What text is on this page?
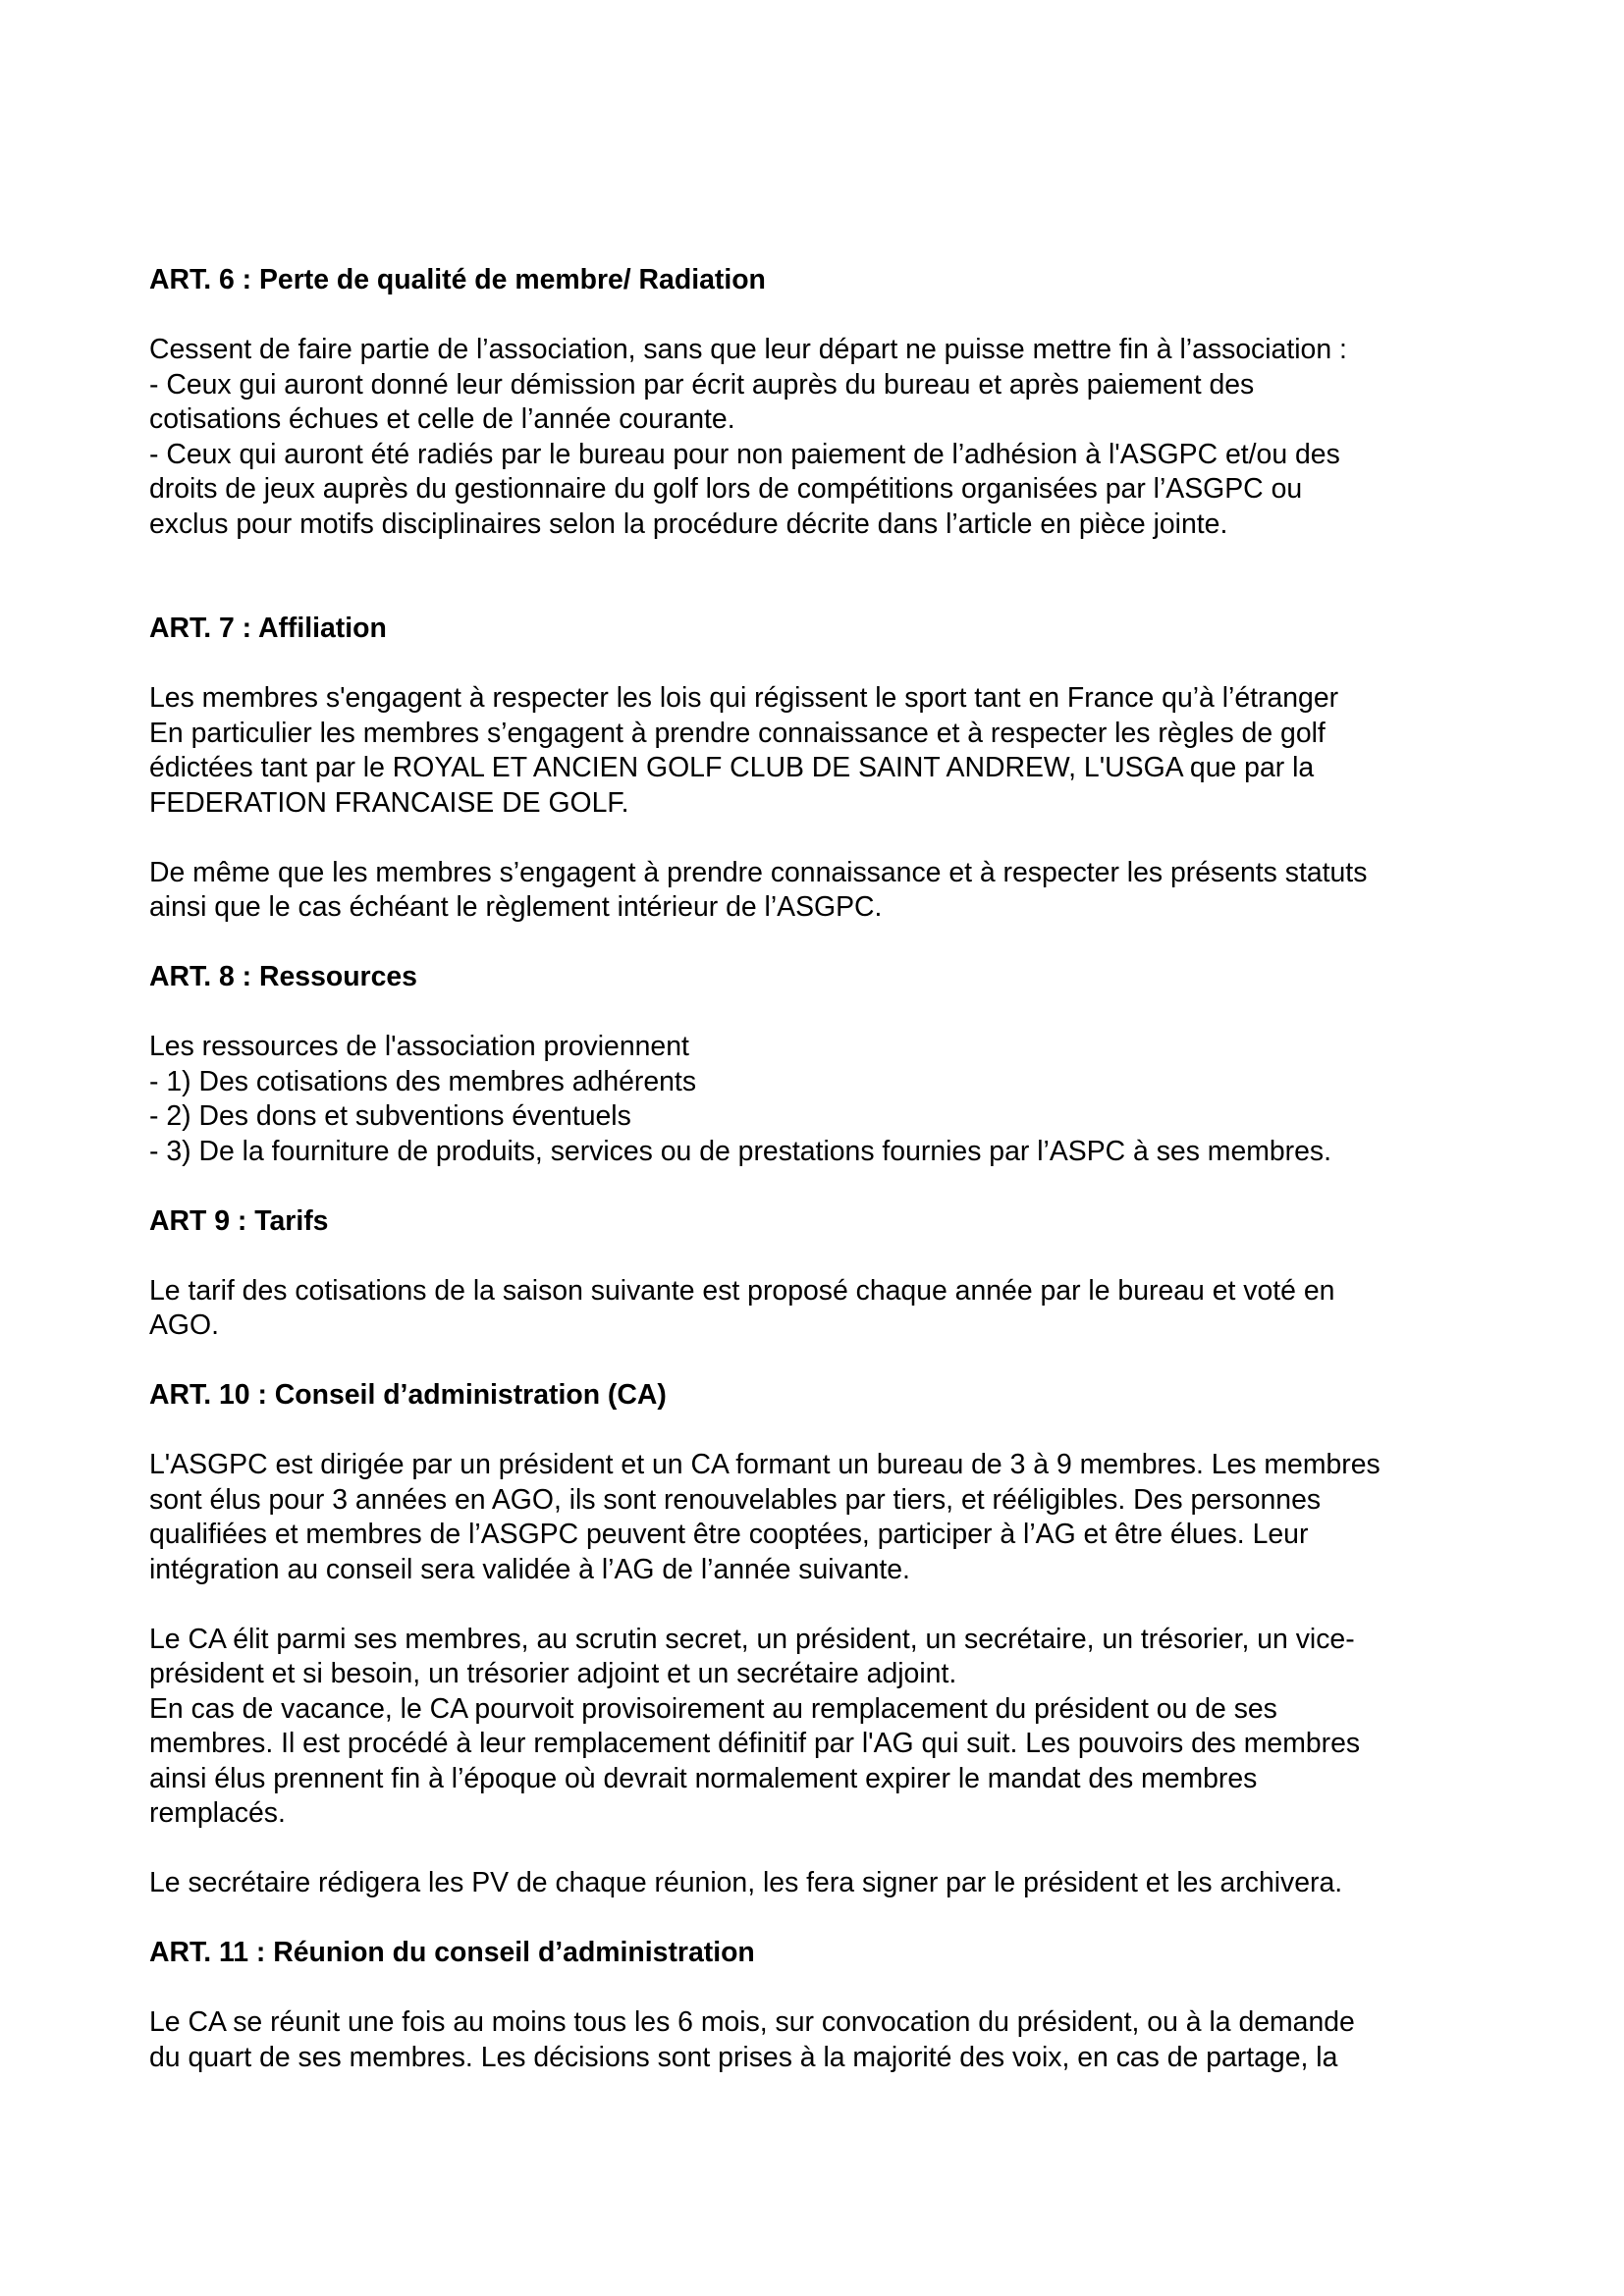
ART. 6 : Perte de qualité de membre/ Radiation

Cessent de faire partie de l’association, sans que leur départ ne puisse mettre fin à l’association :

- Ceux gui auront donné leur démission par écrit auprès du bureau et après paiement des

cotisations échues et celle de l’année courante.

- Ceux qui auront été radiés par le bureau pour non paiement de l’adhésion à l'ASGPC et/ou des

droits de jeux auprès du gestionnaire du golf lors de compétitions organisées par l’ASGPC ou

exclus pour motifs disciplinaires selon la procédure décrite dans l’article en pièce jointe.

ART. 7 : Affiliation

Les membres s'engagent à respecter les lois qui régissent le sport tant en France qu’à l’étranger

En particulier les membres s’engagent à prendre connaissance et à respecter les règles de golf

édictées tant par le ROYAL ET ANCIEN GOLF CLUB DE SAINT ANDREW, L'USGA que par la

FEDERATION FRANCAISE DE GOLF.

De même que les membres s’engagent à prendre connaissance et à respecter les présents statuts

ainsi que le cas échéant le règlement intérieur de l’ASGPC.

ART. 8 : Ressources

Les ressources de l'association proviennent

- 1) Des cotisations des membres adhérents

- 2) Des dons et subventions éventuels

- 3) De la fourniture de produits, services ou de prestations fournies par l’ASPC à ses membres.

ART 9 : Tarifs

Le tarif des cotisations de la saison suivante est proposé chaque année par le bureau et voté en

AGO.

ART. 10 : Conseil d’administration (CA)

L'ASGPC est dirigée par un président et un CA formant un bureau de 3 à 9 membres. Les membres

sont élus pour 3 années en AGO, ils sont renouvelables par tiers, et rééligibles. Des personnes

qualifiées et membres de l’ASGPC peuvent être cooptées, participer à l’AG et être élues. Leur

intégration au conseil sera validée à l’AG de l’année suivante.

Le CA élit parmi ses membres, au scrutin secret, un président, un secrétaire, un trésorier, un vice-

président et si besoin, un trésorier adjoint et un secrétaire adjoint.

En cas de vacance, le CA pourvoit provisoirement au remplacement du président ou de ses

membres. Il est procédé à leur remplacement définitif par l'AG qui suit. Les pouvoirs des membres

ainsi élus prennent fin à l’époque où devrait normalement expirer le mandat des membres

remplacés.

Le secrétaire rédigera les PV de chaque réunion, les fera signer par le président et les archivera.

ART. 11 : Réunion du conseil d’administration

Le CA se réunit une fois au moins tous les 6 mois, sur convocation du président, ou à la demande

du quart de ses membres. Les décisions sont prises à la majorité des voix, en cas de partage, la
